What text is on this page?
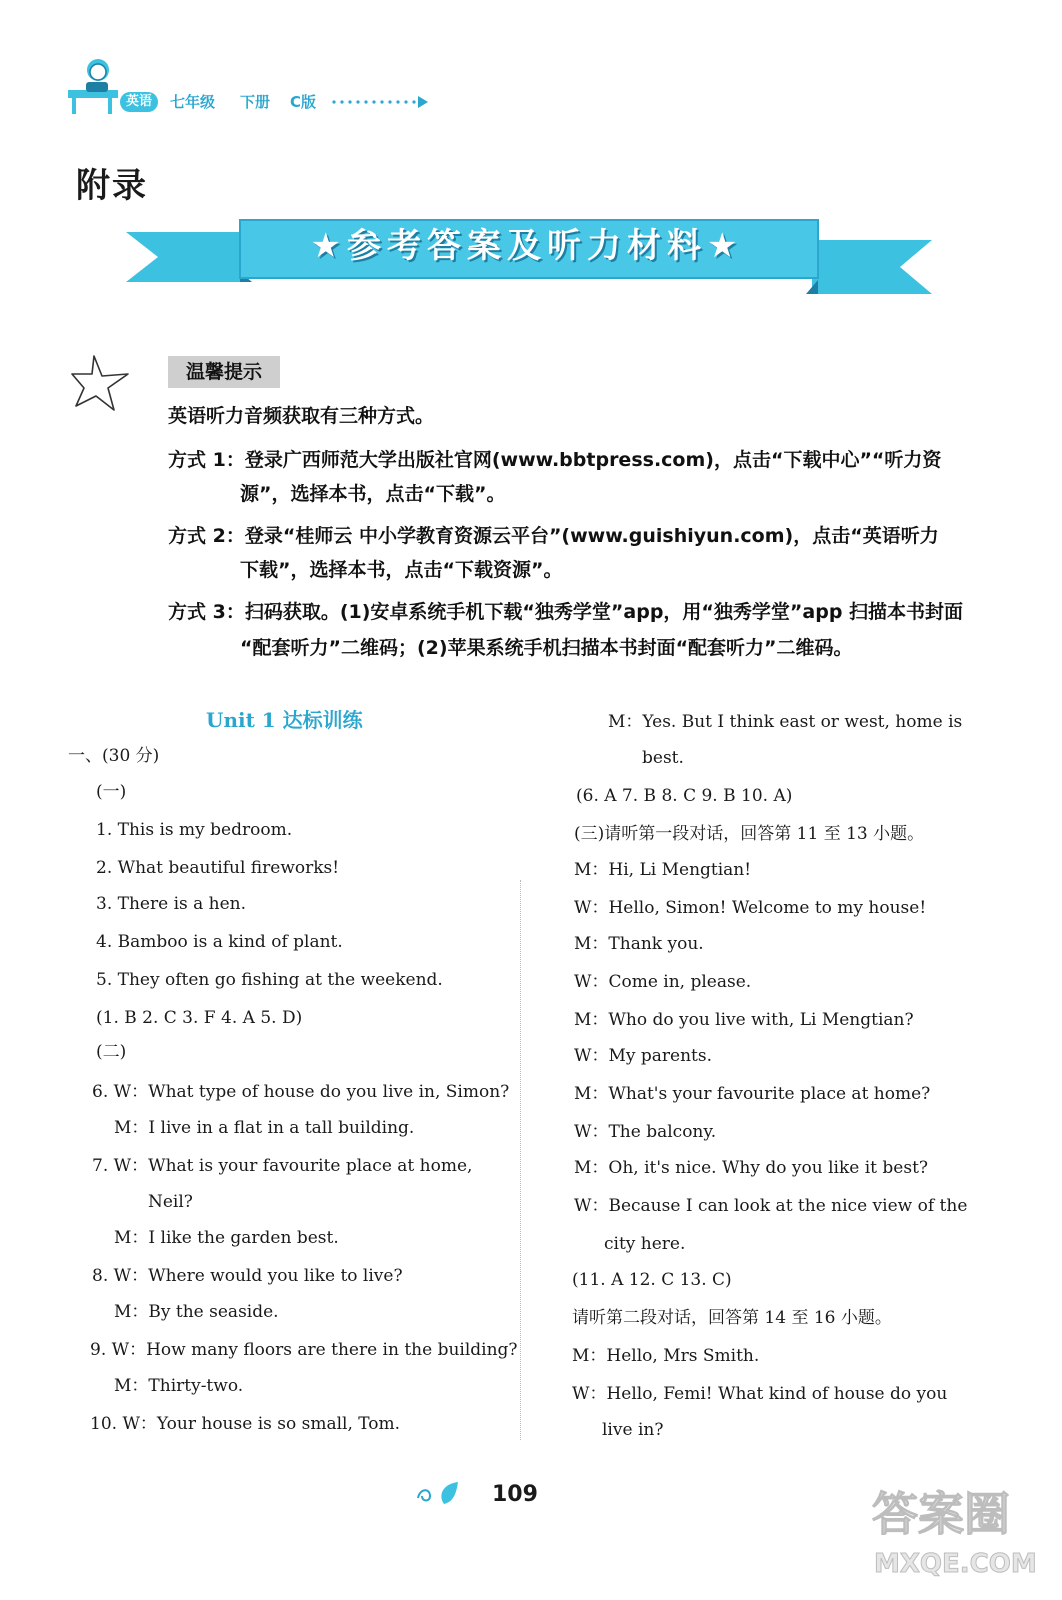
英语	七年级 下册 C版
附录
★参考答案及听力材料★
温馨提示
英语听力音频获取有三种方式。
方式 1：登录广西师范大学出版社官网(www.bbtpress.com)，点击“下载中心”“听力资
源”，选择本书，点击“下载”。
方式 2：登录“桂师云 中小学教育资源云平台”(www.guishiyun.com)，点击“英语听力
下载”，选择本书，点击“下载资源”。
方式 3：扫码获取。(1)安卓系统手机下载“独秀学堂”app，用“独秀学堂”app 扫描本书封面
“配套听力”二维码；(2)苹果系统手机扫描本书封面“配套听力”二维码。
Unit 1 达标训练
一、(30 分)
(一)
1. This is my bedroom.
2. What beautiful fireworks!
3. There is a hen.
4. Bamboo is a kind of plant.
5. They often go fishing at the weekend.
(1. B 2. C 3. F 4. A 5. D)
(二)
6. W：What type of house do you live in, Simon?
M：I live in a flat in a tall building.
7. W：What is your favourite place at home,
Neil?
M：I like the garden best.
8. W：Where would you like to live?
M：By the seaside.
9. W：How many floors are there in the building?
M：Thirty-two.
10. W：Your house is so small, Tom.
M：Yes. But I think east or west, home is
best.
(6. A 7. B 8. C 9. B 10. A)
(三)请听第一段对话，回答第 11 至 13 小题。
M：Hi, Li Mengtian!
W：Hello, Simon! Welcome to my house!
M：Thank you.
W：Come in, please.
M：Who do you live with, Li Mengtian?
W：My parents.
M：What's your favourite place at home?
W：The balcony.
M：Oh, it's nice. Why do you like it best?
W：Because I can look at the nice view of the
city here.
(11. A 12. C 13. C)
请听第二段对话，回答第 14 至 16 小题。
M：Hello, Mrs Smith.
W：Hello, Femi! What kind of house do you
live in?
109	答案圈
MXQE.COM
